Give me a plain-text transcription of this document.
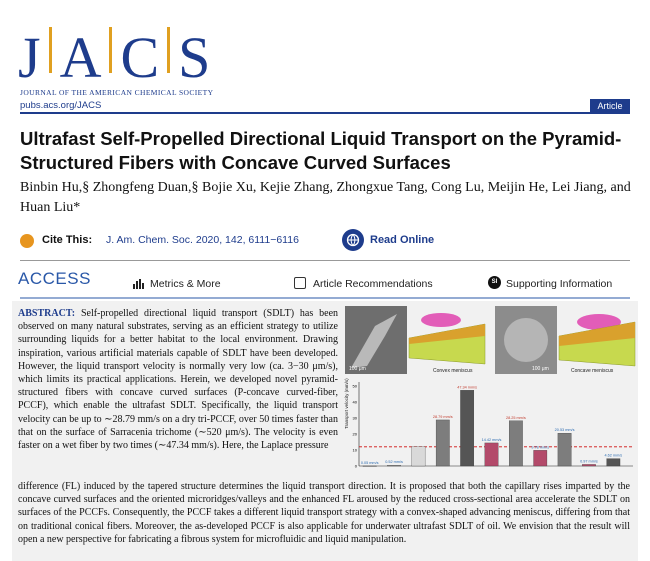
J A C S
JOURNAL OF THE AMERICAN CHEMICAL SOCIETY
pubs.acs.org/JACS	Article
Ultrafast Self-Propelled Directional Liquid Transport on the Pyramid-Structured Fibers with Concave Curved Surfaces
Binbin Hu,§ Zhongfeng Duan,§ Bojie Xu, Kejie Zhang, Zhongxue Tang, Cong Lu, Meijin He, Lei Jiang, and Huan Liu*
Cite This: J. Am. Chem. Soc. 2020, 142, 6111−6116	Read Online
ACCESS	Metrics & More	Article Recommendations	SI Supporting Information
ABSTRACT: Self-propelled directional liquid transport (SDLT) has been observed on many natural substrates, serving as an efficient strategy to utilize surrounding liquids for a better habitat to the local environment. Drawing inspiration, various artificial materials capable of SDLT have been developed. However, the liquid transport velocity is normally very low (ca. 3−30 μm/s), which limits its practical applications. Herein, we developed novel pyramid-structured fibers with concave curved surfaces (P-concave curved-fiber, PCCF), which enable the ultrafast SDLT. Specifically, the liquid transport velocity can be up to ∼28.79 mm/s on a dry tri-PCCF, over 50 times faster than that on the surface of Sarracenia trichome (∼520 μm/s). The velocity is even faster on a wet fiber by two times (∼47.34 mm/s). Here, the Laplace pressure
difference (FL) induced by the tapered structure determines the liquid transport direction. It is proposed that both the capillary rises imparted by the concave curved surfaces and the oriented microridges/valleys and the enhanced FL aroused by the reduced cross-sectional area accelerate the SDLT on surfaces of the PCCFs. Consequently, the PCCF takes a different liquid transport strategy with a convex-shaped advancing meniscus, differing from that on traditional conical fibers. Moreover, the as-developed PCCF is also applicable for underwater ultrafast SDLT of oil. We envision that the result will open a new perspective for fabricating a fibrous system for microfluidic and liquid manipulation.
100 μm	Convex meniscus	100 μm	Concave meniscus
Transport velocity (mm/s)
0
10
20
30
40
50
0.05 mm/s 0.52 mm/s
28.79 mm/s
47.34 mm/s
14.42 mm/s
28.25 mm/s
9.78 mm/s
20.53 mm/s
0.97 mm/s
4.62 mm/s
